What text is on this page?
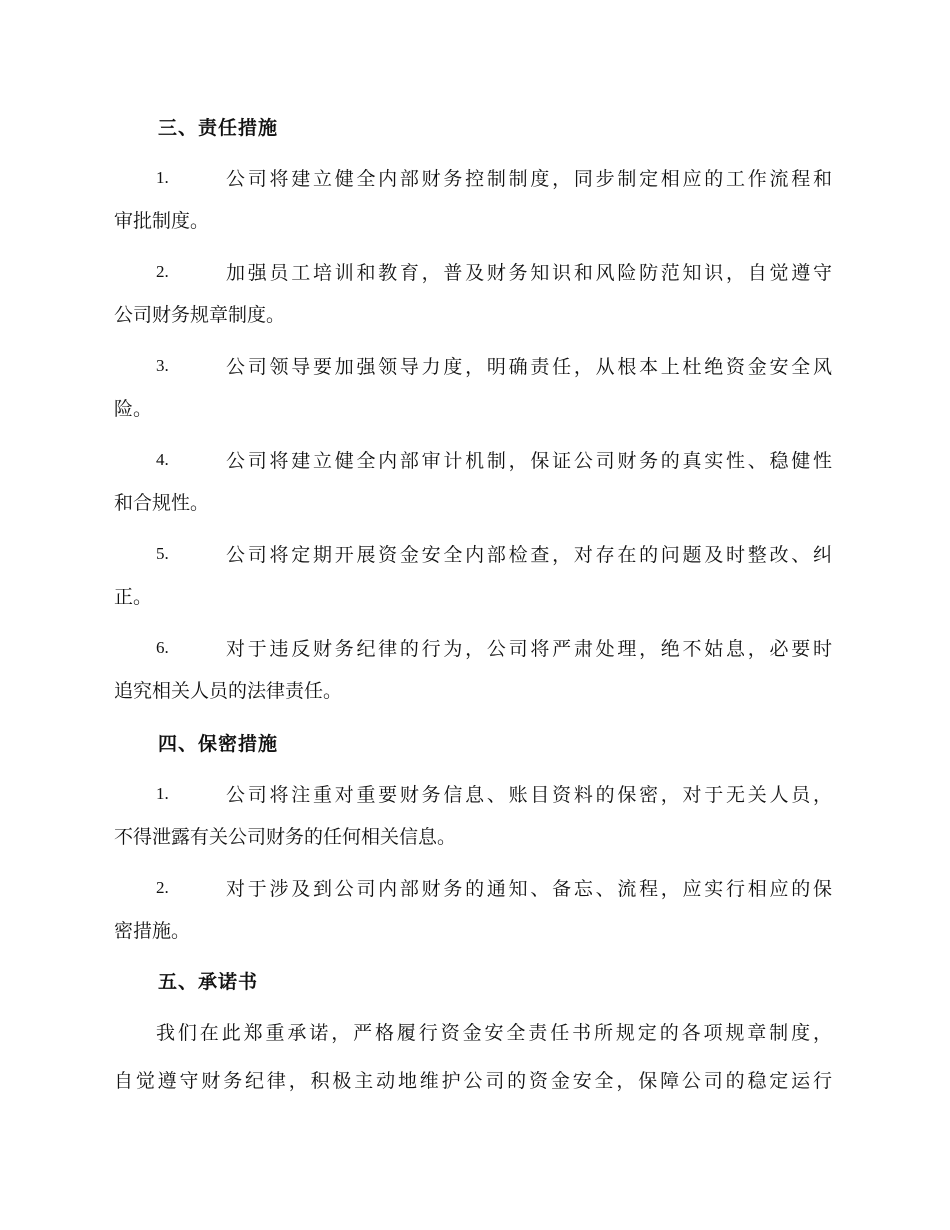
三、责任措施
1.	公司将建立健全内部财务控制制度，同步制定相应的工作流程和
审批制度。
2.	加强员工培训和教育，普及财务知识和风险防范知识，自觉遵守
公司财务规章制度。
3.	公司领导要加强领导力度，明确责任，从根本上杜绝资金安全风
险。
4.	公司将建立健全内部审计机制，保证公司财务的真实性、稳健性
和合规性。
5.	公司将定期开展资金安全内部检查，对存在的问题及时整改、纠
正。
6.	对于违反财务纪律的行为，公司将严肃处理，绝不姑息，必要时
追究相关人员的法律责任。
四、保密措施
1.	公司将注重对重要财务信息、账目资料的保密，对于无关人员，
不得泄露有关公司财务的任何相关信息。
2.	对于涉及到公司内部财务的通知、备忘、流程，应实行相应的保
密措施。
五、承诺书
我们在此郑重承诺，严格履行资金安全责任书所规定的各项规章制度，
自觉遵守财务纪律，积极主动地维护公司的资金安全，保障公司的稳定运行
